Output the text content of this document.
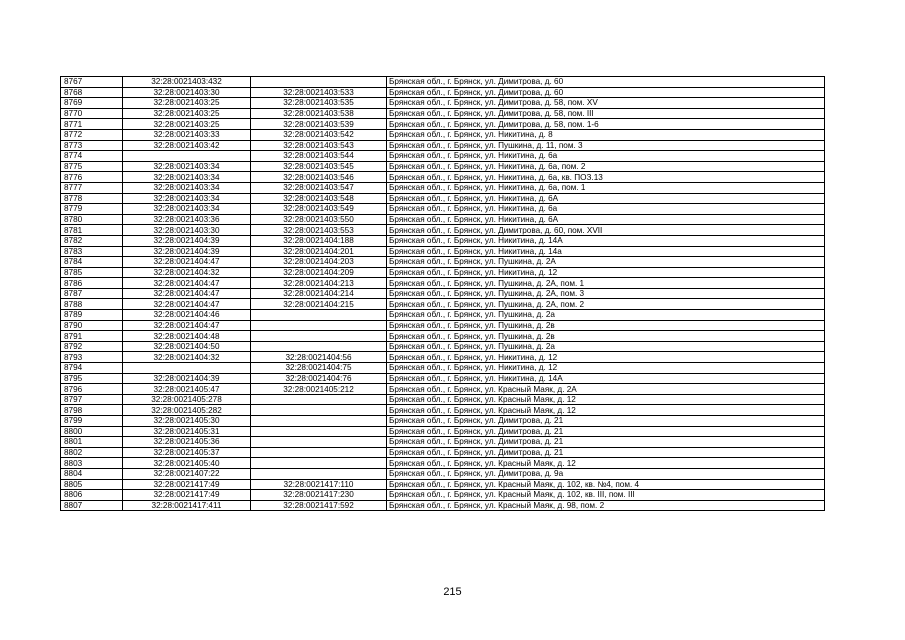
8767	32:28:0021403:432		Брянская обл., г. Брянск, ул. Димитрова, д. 60
8768	32:28:0021403:30	32:28:0021403:533	Брянская обл., г. Брянск, ул. Димитрова, д. 60
8769	32:28:0021403:25	32:28:0021403:535	Брянская обл., г. Брянск, ул. Димитрова, д. 58, пом. XV
8770	32:28:0021403:25	32:28:0021403:538	Брянская обл., г. Брянск, ул. Димитрова, д. 58, пом. III
8771	32:28:0021403:25	32:28:0021403:539	Брянская обл., г. Брянск, ул. Димитрова, д. 58, пом. 1-6
8772	32:28:0021403:33	32:28:0021403:542	Брянская обл., г. Брянск, ул. Никитина, д. 8
8773	32:28:0021403:42	32:28:0021403:543	Брянская обл., г. Брянск, ул. Пушкина, д. 11, пом. 3
8774		32:28:0021403:544	Брянская обл., г. Брянск, ул. Никитина, д. 6а
8775	32:28:0021403:34	32:28:0021403:545	Брянская обл., г. Брянск, ул. Никитина, д. 6а, пом. 2
8776	32:28:0021403:34	32:28:0021403:546	Брянская обл., г. Брянск, ул. Никитина, д. 6а, кв. ПОЗ.13
8777	32:28:0021403:34	32:28:0021403:547	Брянская обл., г. Брянск, ул. Никитина, д. 6а, пом. 1
8778	32:28:0021403:34	32:28:0021403:548	Брянская обл., г. Брянск, ул. Никитина, д. 6А
8779	32:28:0021403:34	32:28:0021403:549	Брянская обл., г. Брянск, ул. Никитина, д. 6а
8780	32:28:0021403:36	32:28:0021403:550	Брянская обл., г. Брянск, ул. Никитина, д. 6А
8781	32:28:0021403:30	32:28:0021403:553	Брянская обл., г. Брянск, ул. Димитрова, д. 60, пом. XVII
8782	32:28:0021404:39	32:28:0021404:188	Брянская обл., г. Брянск, ул. Никитина, д. 14А
8783	32:28:0021404:39	32:28:0021404:201	Брянская обл., г. Брянск, ул. Никитина, д. 14а
8784	32:28:0021404:47	32:28:0021404:203	Брянская обл., г. Брянск, ул. Пушкина, д. 2А
8785	32:28:0021404:32	32:28:0021404:209	Брянская обл., г. Брянск, ул. Никитина, д. 12
8786	32:28:0021404:47	32:28:0021404:213	Брянская обл., г. Брянск, ул. Пушкина, д. 2А, пом. 1
8787	32:28:0021404:47	32:28:0021404:214	Брянская обл., г. Брянск, ул. Пушкина, д. 2А, пом. 3
8788	32:28:0021404:47	32:28:0021404:215	Брянская обл., г. Брянск, ул. Пушкина, д. 2А, пом. 2
8789	32:28:0021404:46		Брянская обл., г. Брянск, ул. Пушкина, д. 2а
8790	32:28:0021404:47		Брянская обл., г. Брянск, ул. Пушкина, д. 2в
8791	32:28:0021404:48		Брянская обл., г. Брянск, ул. Пушкина, д. 2в
8792	32:28:0021404:50		Брянская обл., г. Брянск, ул. Пушкина, д. 2а
8793	32:28:0021404:32	32:28:0021404:56	Брянская обл., г. Брянск, ул. Никитина, д. 12
8794		32:28:0021404:75	Брянская обл., г. Брянск, ул. Никитина, д. 12
8795	32:28:0021404:39	32:28:0021404:76	Брянская обл., г. Брянск, ул. Никитина, д. 14А
8796	32:28:0021405:47	32:28:0021405:212	Брянская обл., г. Брянск, ул. Красный Маяк, д. 2А
8797	32:28:0021405:278		Брянская обл., г. Брянск, ул. Красный Маяк, д. 12
8798	32:28:0021405:282		Брянская обл., г. Брянск, ул. Красный Маяк, д. 12
8799	32:28:0021405:30		Брянская обл., г. Брянск, ул. Димитрова, д. 21
8800	32:28:0021405:31		Брянская обл., г. Брянск, ул. Димитрова, д. 21
8801	32:28:0021405:36		Брянская обл., г. Брянск, ул. Димитрова, д. 21
8802	32:28:0021405:37		Брянская обл., г. Брянск, ул. Димитрова, д. 21
8803	32:28:0021405:40		Брянская обл., г. Брянск, ул. Красный Маяк, д. 12
8804	32:28:0021407:22		Брянская обл., г. Брянск, ул. Димитрова, д. 9а
8805	32:28:0021417:49	32:28:0021417:110	Брянская обл., г. Брянск, ул. Красный Маяк, д. 102, кв. №4, пом. 4
8806	32:28:0021417:49	32:28:0021417:230	Брянская обл., г. Брянск, ул. Красный Маяк, д. 102, кв. III, пом. III
8807	32:28:0021417:411	32:28:0021417:592	Брянская обл., г. Брянск, ул. Красный Маяк, д. 98, пом. 2
215
